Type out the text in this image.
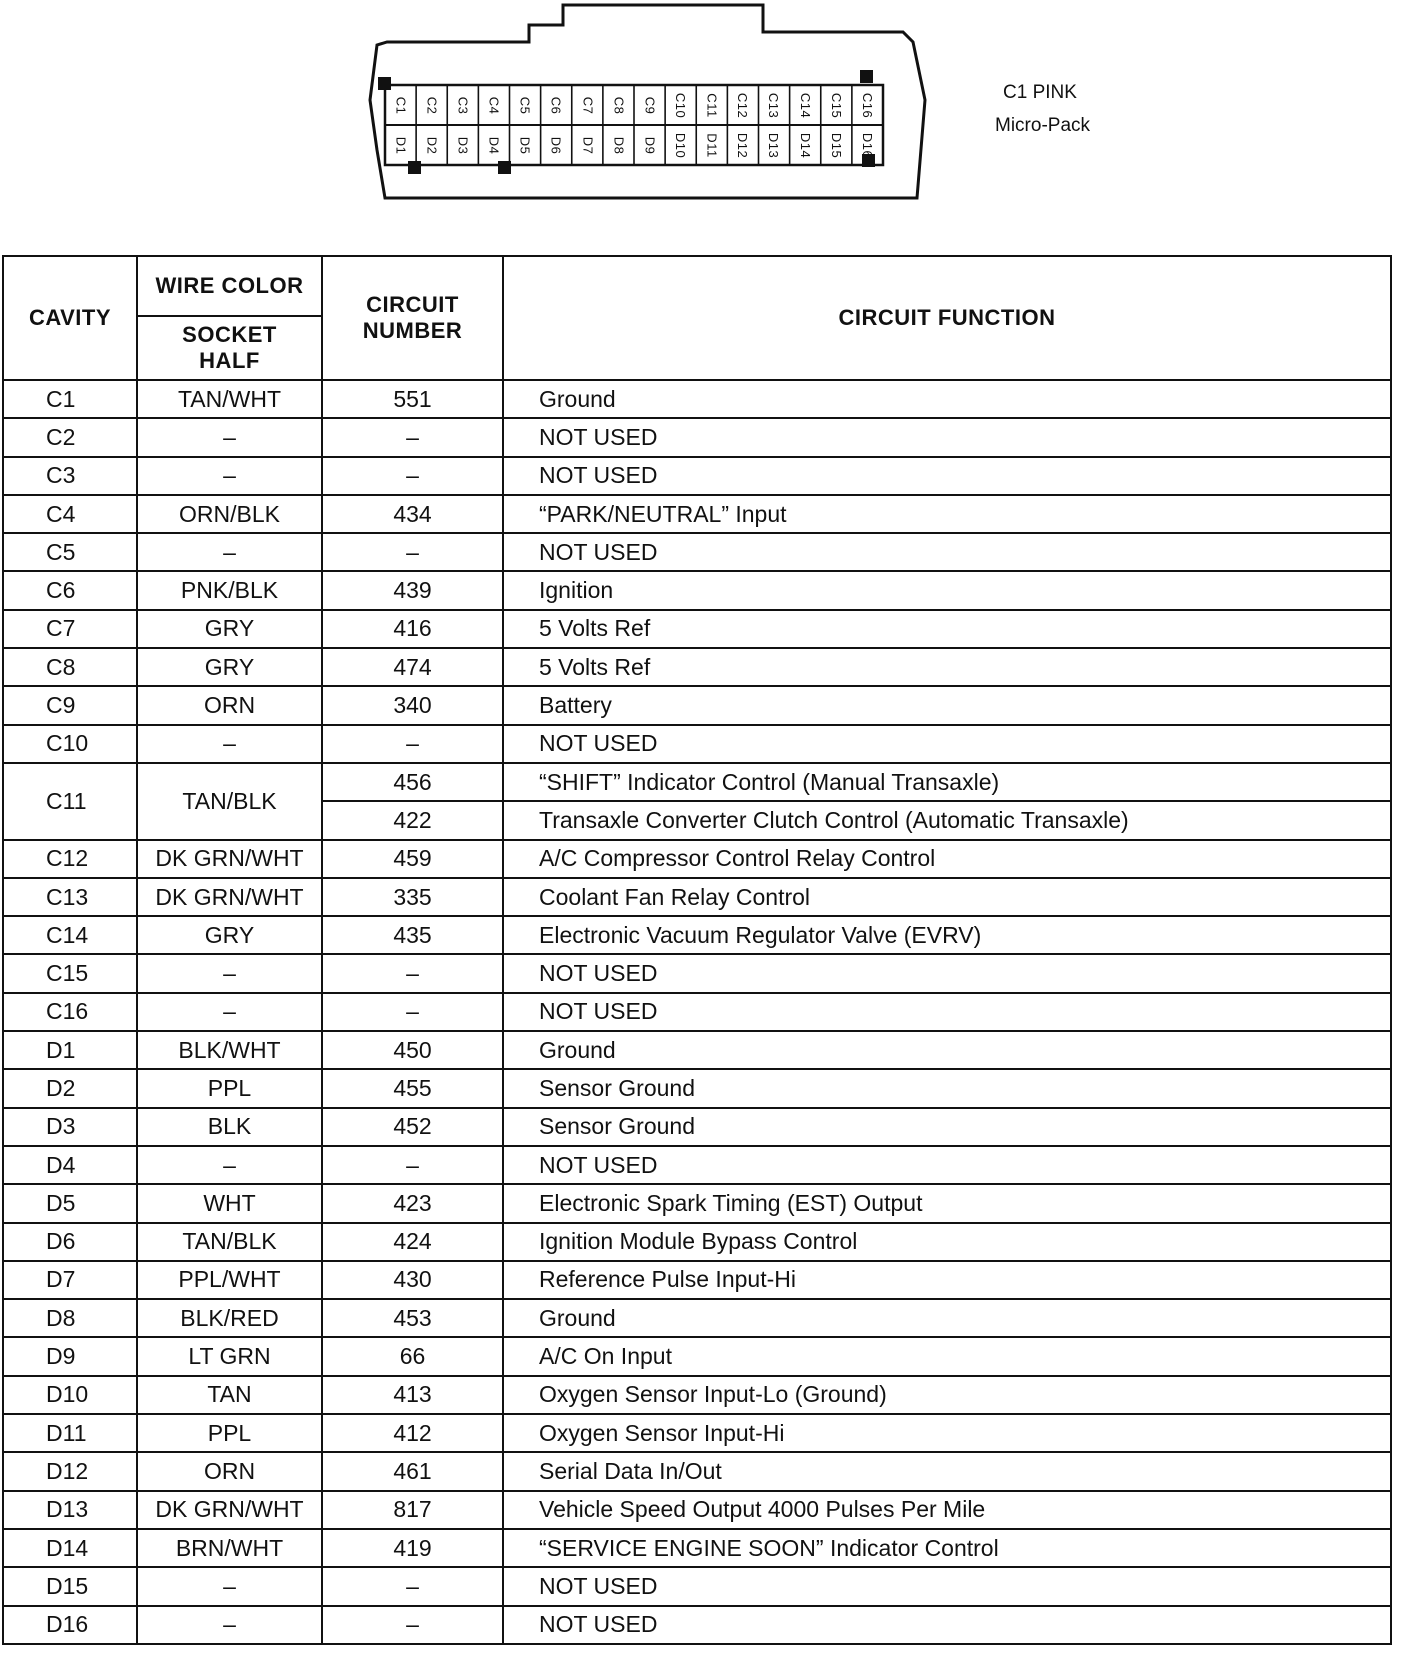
C1 C2 C3 C4 C5 C6 C7 C8 C9 C10 C11 C12 C13 C14 C15 C16
D1 D2 D3 D4 D5 D6 D7 D8 D9 D10 D11 D12 D13 D14 D15 D16
C1 PINK
Micro-Pack
CAVITY	WIRE COLOR	CIRCUIT NUMBER	CIRCUIT FUNCTION
	SOCKET HALF		
C1	TAN/WHT	551	Ground
C2	–	–	NOT USED
C3	–	–	NOT USED
C4	ORN/BLK	434	“PARK/NEUTRAL” Input
C5	–	–	NOT USED
C6	PNK/BLK	439	Ignition
C7	GRY	416	5 Volts Ref
C8	GRY	474	5 Volts Ref
C9	ORN	340	Battery
C10	–	–	NOT USED
C11	TAN/BLK	456	“SHIFT” Indicator Control (Manual Transaxle)
		422	Transaxle Converter Clutch Control (Automatic Transaxle)
C12	DK GRN/WHT	459	A/C Compressor Control Relay Control
C13	DK GRN/WHT	335	Coolant Fan Relay Control
C14	GRY	435	Electronic Vacuum Regulator Valve (EVRV)
C15	–	–	NOT USED
C16	–	–	NOT USED
D1	BLK/WHT	450	Ground
D2	PPL	455	Sensor Ground
D3	BLK	452	Sensor Ground
D4	–	–	NOT USED
D5	WHT	423	Electronic Spark Timing (EST) Output
D6	TAN/BLK	424	Ignition Module Bypass Control
D7	PPL/WHT	430	Reference Pulse Input-Hi
D8	BLK/RED	453	Ground
D9	LT GRN	66	A/C On Input
D10	TAN	413	Oxygen Sensor Input-Lo (Ground)
D11	PPL	412	Oxygen Sensor Input-Hi
D12	ORN	461	Serial Data In/Out
D13	DK GRN/WHT	817	Vehicle Speed Output 4000 Pulses Per Mile
D14	BRN/WHT	419	“SERVICE ENGINE SOON” Indicator Control
D15	–	–	NOT USED
D16	–	–	NOT USED
